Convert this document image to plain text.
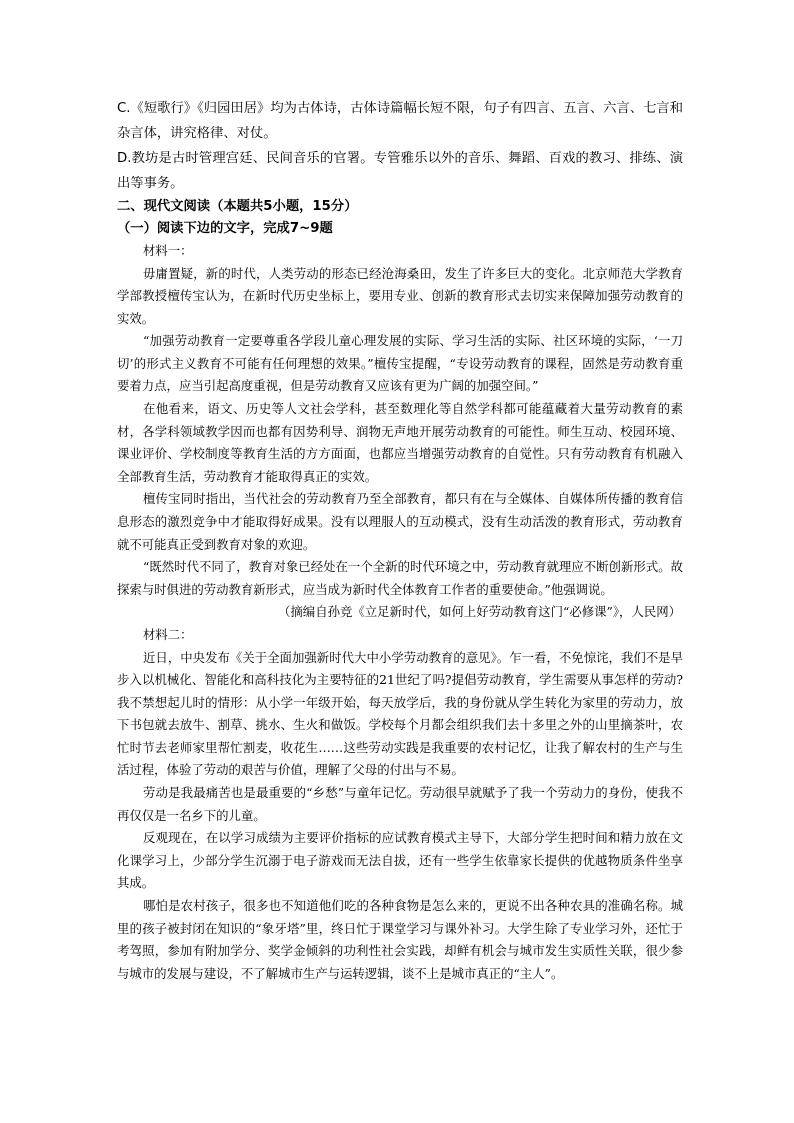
C.《短歌行》《归园田居》均为古体诗，古体诗篇幅长短不限，句子有四言、五言、六言、七言和杂言体，讲究格律、对仗。

D.教坊是古时管理宫廷、民间音乐的官署。专管雅乐以外的音乐、舞蹈、百戏的教习、排练、演出等事务。

二、现代文阅读（本题共5小题，15分）

（一）阅读下边的文字，完成7~9题

材料一：

毋庸置疑，新的时代，人类劳动的形态已经沧海桑田，发生了许多巨大的变化。北京师范大学教育学部教授檀传宝认为，在新时代历史坐标上，要用专业、创新的教育形式去切实来保障加强劳动教育的实效。

“加强劳动教育一定要尊重各学段儿童心理发展的实际、学习生活的实际、社区环境的实际，‘一刀切’的形式主义教育不可能有任何理想的效果。”檀传宝提醒，“专设劳动教育的课程，固然是劳动教育重要着力点，应当引起高度重视，但是劳动教育又应该有更为广阔的加强空间。”

在他看来，语文、历史等人文社会学科，甚至数理化等自然学科都可能蕴藏着大量劳动教育的素材，各学科领域教学因而也都有因势利导、润物无声地开展劳动教育的可能性。师生互动、校园环境、课业评价、学校制度等教育生活的方方面面，也都应当增强劳动教育的自觉性。只有劳动教育有机融入全部教育生活，劳动教育才能取得真正的实效。

檀传宝同时指出，当代社会的劳动教育乃至全部教育，都只有在与全媒体、自媒体所传播的教育信息形态的激烈竞争中才能取得好成果。没有以理服人的互动模式，没有生动活泼的教育形式，劳动教育就不可能真正受到教育对象的欢迎。

“既然时代不同了，教育对象已经处在一个全新的时代环境之中，劳动教育就理应不断创新形式。故探索与时俱进的劳动教育新形式，应当成为新时代全体教育工作者的重要使命。”他强调说。

（摘编自孙竞《立足新时代，如何上好劳动教育这门“必修课”》，人民网）

材料二：

近日，中央发布《关于全面加强新时代大中小学劳动教育的意见》。乍一看，不免惊诧，我们不是早步入以机械化、智能化和高科技化为主要特征的21世纪了吗?提倡劳动教育，学生需要从事怎样的劳动?我不禁想起儿时的情形：从小学一年级开始，每天放学后，我的身份就从学生转化为家里的劳动力，放下书包就去放牛、割草、挑水、生火和做饭。学校每个月都会组织我们去十多里之外的山里摘茶叶，农忙时节去老师家里帮忙割麦，收花生……这些劳动实践是我重要的农村记忆，让我了解农村的生产与生活过程，体验了劳动的艰苦与价值，理解了父母的付出与不易。

劳动是我最痛苦也是最重要的“乡愁”与童年记忆。劳动很早就赋予了我一个劳动力的身份，使我不再仅仅是一名乡下的儿童。

反观现在，在以学习成绩为主要评价指标的应试教育模式主导下，大部分学生把时间和精力放在文化课学习上，少部分学生沉溺于电子游戏而无法自拔，还有一些学生依靠家长提供的优越物质条件坐享其成。

哪怕是农村孩子，很多也不知道他们吃的各种食物是怎么来的，更说不出各种农具的准确名称。城里的孩子被封闭在知识的“象牙塔”里，终日忙于课堂学习与课外补习。大学生除了专业学习外，还忙于考驾照，参加有附加学分、奖学金倾斜的功利性社会实践，却鲜有机会与城市发生实质性关联，很少参与城市的发展与建设，不了解城市生产与运转逻辑，谈不上是城市真正的“主人”。
